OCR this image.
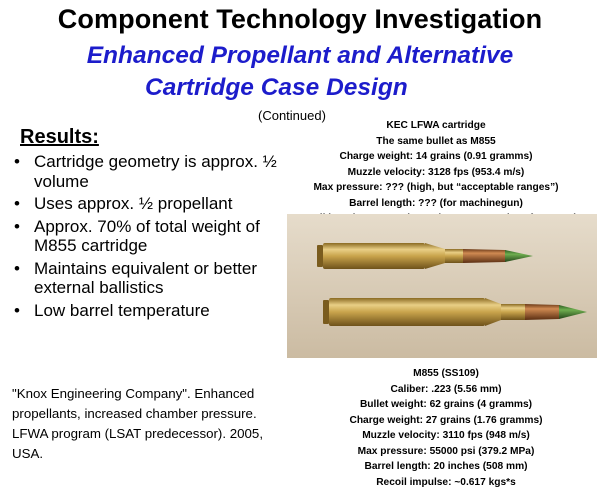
Component Technology Investigation
Enhanced Propellant and Alternative
Cartridge Case Design
(Continued)
Results:
• Cartridge geometry is approx. ½ volume
• Uses approx. ½ propellant
• Approx. 70% of total weight of M855 cartridge
• Maintains equivalent or better external ballistics
• Low barrel temperature
"Knox Engineering Company". Enhanced propellants, increased chamber pressure. LFWA program (LSAT predecessor). 2005, USA.
KEC LFWA cartridge
The same bullet as M855
Charge weight: 14 grains (0.91 gramms)
Muzzle velocity: 3128 fps (953.4 m/s)
Max pressure: ??? (high, but “acceptable ranges”)
Barrel length: ??? (for machinegun)
M855 (SS109)
Caliber: .223 (5.56 mm)
Bullet weight: 62 grains (4 gramms)
Charge weight: 27 grains (1.76 gramms)
Muzzle velocity: 3110 fps (948 m/s)
Max pressure: 55000 psi (379.2 MPa)
Barrel length: 20 inches (508 mm)
Recoil impulse: ~0.617 kgs*s
